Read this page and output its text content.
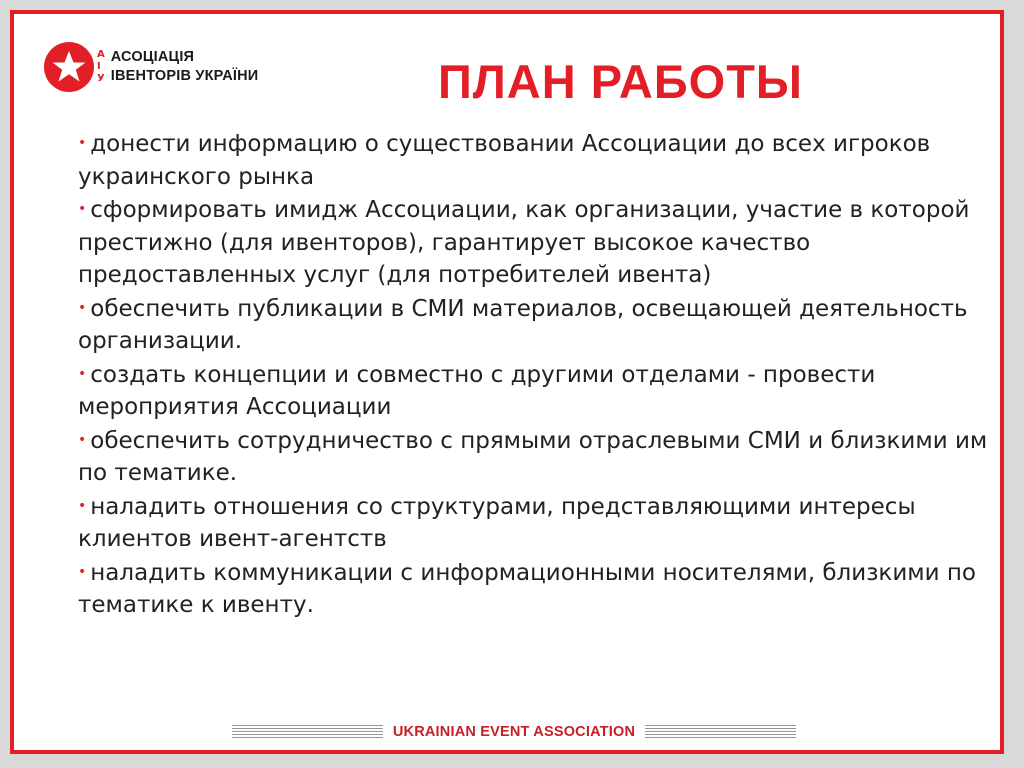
А
І
У
АСОЦІАЦІЯ
ІВЕНТОРІВ УКРАЇНИ	ПЛАН РАБОТЫ

• донести информацию о существовании Ассоциации до всех игроков украинского рынка

• сформировать имидж Ассоциации, как организации, участие в которой престижно (для ивенторов), гарантирует высокое качество предоставленных услуг (для потребителей ивента)

• обеспечить публикации в СМИ материалов, освещающей деятельность организации.

• создать концепции и совместно с другими отделами - провести мероприятия Ассоциации

• обеспечить сотрудничество с прямыми отраслевыми СМИ и близкими им по тематике.

• наладить отношения со структурами, представляющими интересы клиентов ивент-агентств

• наладить коммуникации с информационными носителями, близкими по тематике к ивенту.

UKRAINIAN EVENT ASSOCIATION
